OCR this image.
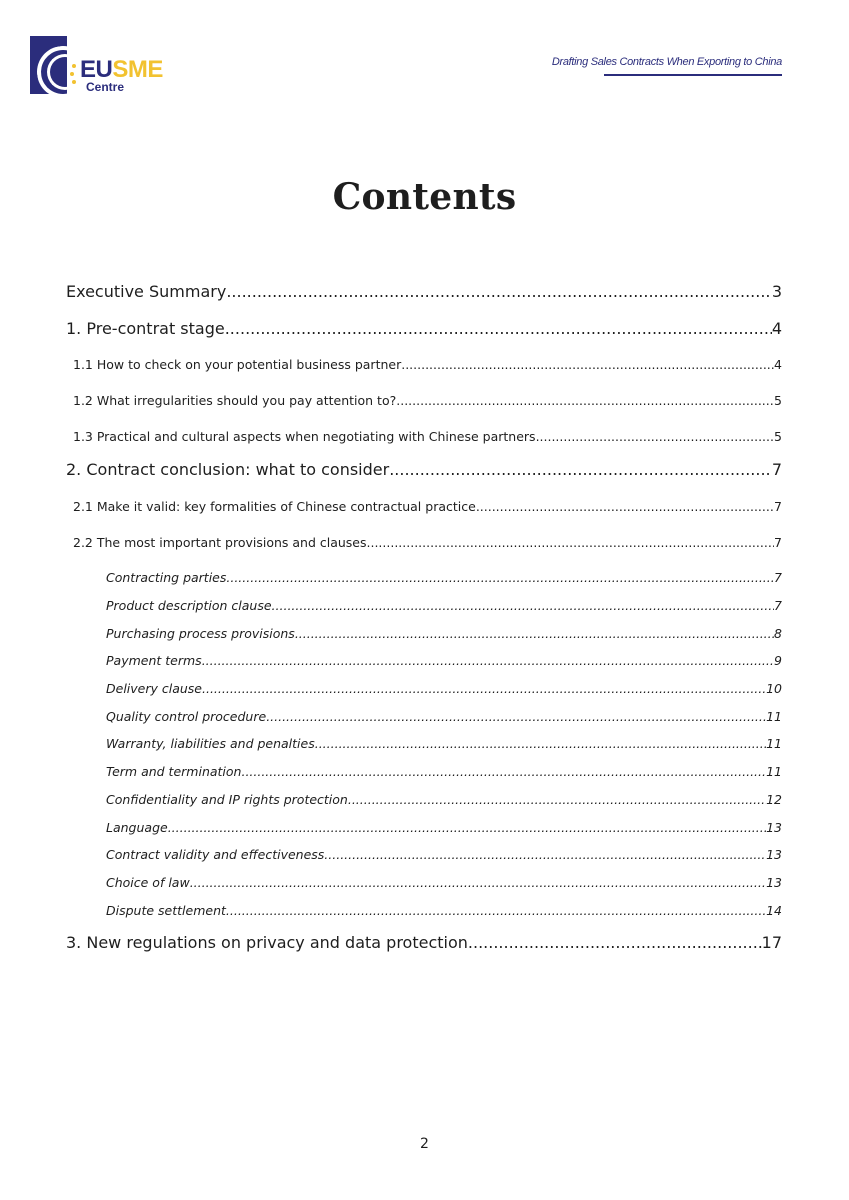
EUSME
Centre
Drafting Sales Contracts When Exporting to China
Contents
Executive Summary .....	3
1. Pre-contrat stage .....	4
1.1 How to check on your potential business partner .....	4
1.2 What irregularities should you pay attention to? .....	5
1.3 Practical and cultural aspects when negotiating with Chinese partners .....	5
2. Contract conclusion: what to consider .....	7
2.1 Make it valid: key formalities of Chinese contractual practice .....	7
2.2 The most important provisions and clauses .....	7
Contracting parties .....	7
Product description clause .....	7
Purchasing process provisions .....	8
Payment terms .....	9
Delivery clause .....	10
Quality control procedure .....	11
Warranty, liabilities and penalties .....	11
Term and termination .....	11
Confidentiality and IP rights protection .....	12
Language .....	13
Contract validity and effectiveness .....	13
Choice of law .....	13
Dispute settlement .....	14
3. New regulations on privacy and data protection .....	17
2
